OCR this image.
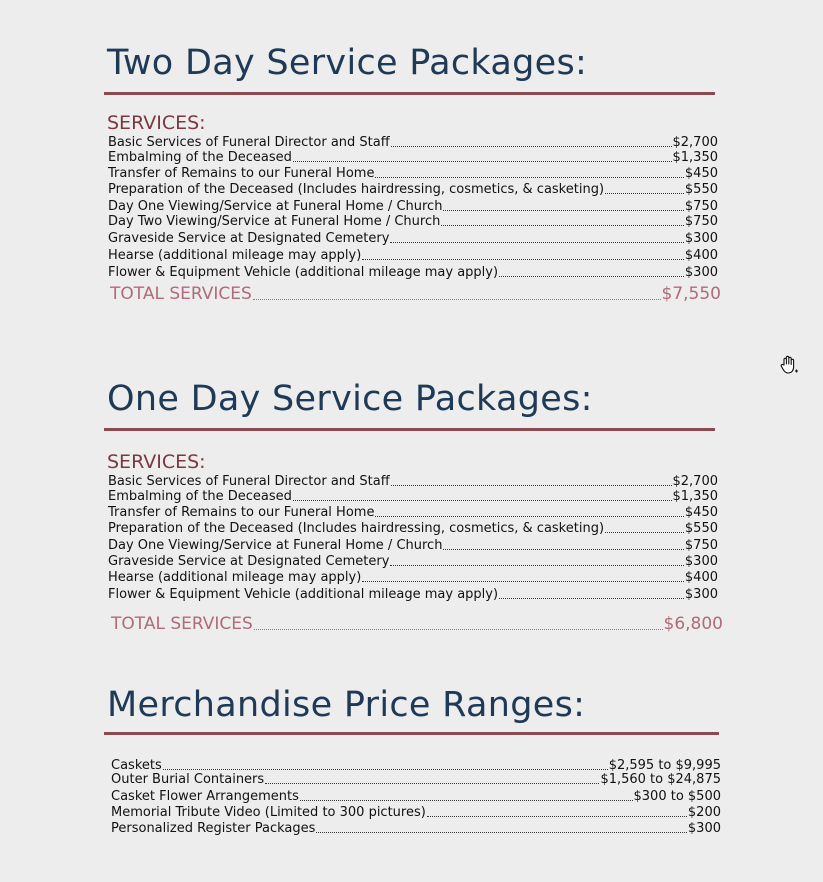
Two Day Service Packages:
SERVICES:
Basic Services of Funeral Director and Staff	$2,700
Embalming of the Deceased	$1,350
Transfer of Remains to our Funeral Home	$450
Preparation of the Deceased (Includes hairdressing, cosmetics, & casketing)	$550
Day One Viewing/Service at Funeral Home / Church	$750
Day Two Viewing/Service at Funeral Home / Church	$750
Graveside Service at Designated Cemetery	$300
Hearse (additional mileage may apply)	$400
Flower & Equipment Vehicle (additional mileage may apply)	$300
TOTAL SERVICES	$7,550
One Day Service Packages:
SERVICES:
Basic Services of Funeral Director and Staff	$2,700
Embalming of the Deceased	$1,350
Transfer of Remains to our Funeral Home	$450
Preparation of the Deceased (Includes hairdressing, cosmetics, & casketing)	$550
Day One Viewing/Service at Funeral Home / Church	$750
Graveside Service at Designated Cemetery	$300
Hearse (additional mileage may apply)	$400
Flower & Equipment Vehicle (additional mileage may apply)	$300
TOTAL SERVICES	$6,800
Merchandise Price Ranges:
Caskets	$2,595 to $9,995
Outer Burial Containers	$1,560 to $24,875
Casket Flower Arrangements	$300 to $500
Memorial Tribute Video (Limited to 300 pictures)	$200
Personalized Register Packages	$300
